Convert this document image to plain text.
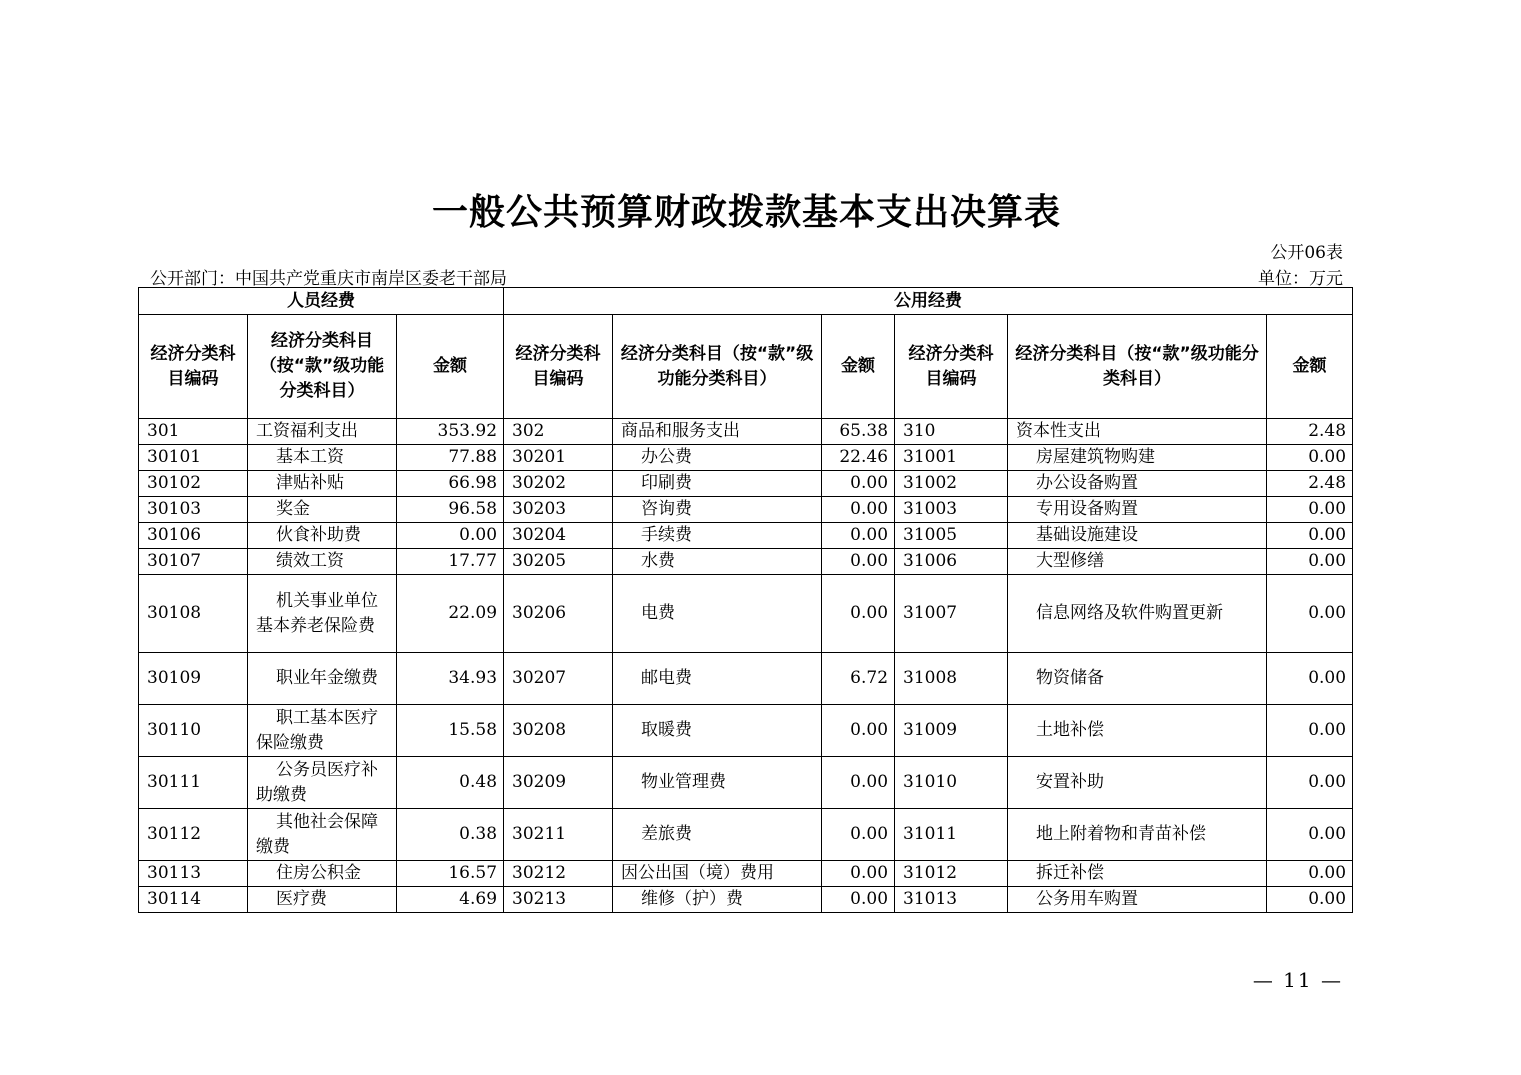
一般公共预算财政拨款基本支出决算表
公开06表
公开部门：中国共产党重庆市南岸区委老干部局	单位：万元
人员经费			公用经费					
经济分类科目编码	经济分类科目（按“款”级功能分类科目）	金额	经济分类科目编码	经济分类科目（按“款”级功能分类科目）	金额	经济分类科目编码	经济分类科目（按“款”级功能分类科目）	金额
301	工资福利支出	353.92	302	商品和服务支出	65.38	310	资本性支出	2.48
30101	基本工资	77.88	30201	办公费	22.46	31001	房屋建筑物购建	0.00
30102	津贴补贴	66.98	30202	印刷费	0.00	31002	办公设备购置	2.48
30103	奖金	96.58	30203	咨询费	0.00	31003	专用设备购置	0.00
30106	伙食补助费	0.00	30204	手续费	0.00	31005	基础设施建设	0.00
30107	绩效工资	17.77	30205	水费	0.00	31006	大型修缮	0.00
30108	机关事业单位基本养老保险费	22.09	30206	电费	0.00	31007	信息网络及软件购置更新	0.00
30109	职业年金缴费	34.93	30207	邮电费	6.72	31008	物资储备	0.00
30110	职工基本医疗保险缴费	15.58	30208	取暖费	0.00	31009	土地补偿	0.00
30111	公务员医疗补助缴费	0.48	30209	物业管理费	0.00	31010	安置补助	0.00
30112	其他社会保障缴费	0.38	30211	差旅费	0.00	31011	地上附着物和青苗补偿	0.00
30113	住房公积金	16.57	30212	因公出国（境）费用	0.00	31012	拆迁补偿	0.00
30114	医疗费	4.69	30213	维修（护）费	0.00	31013	公务用车购置	0.00
— 11 —
